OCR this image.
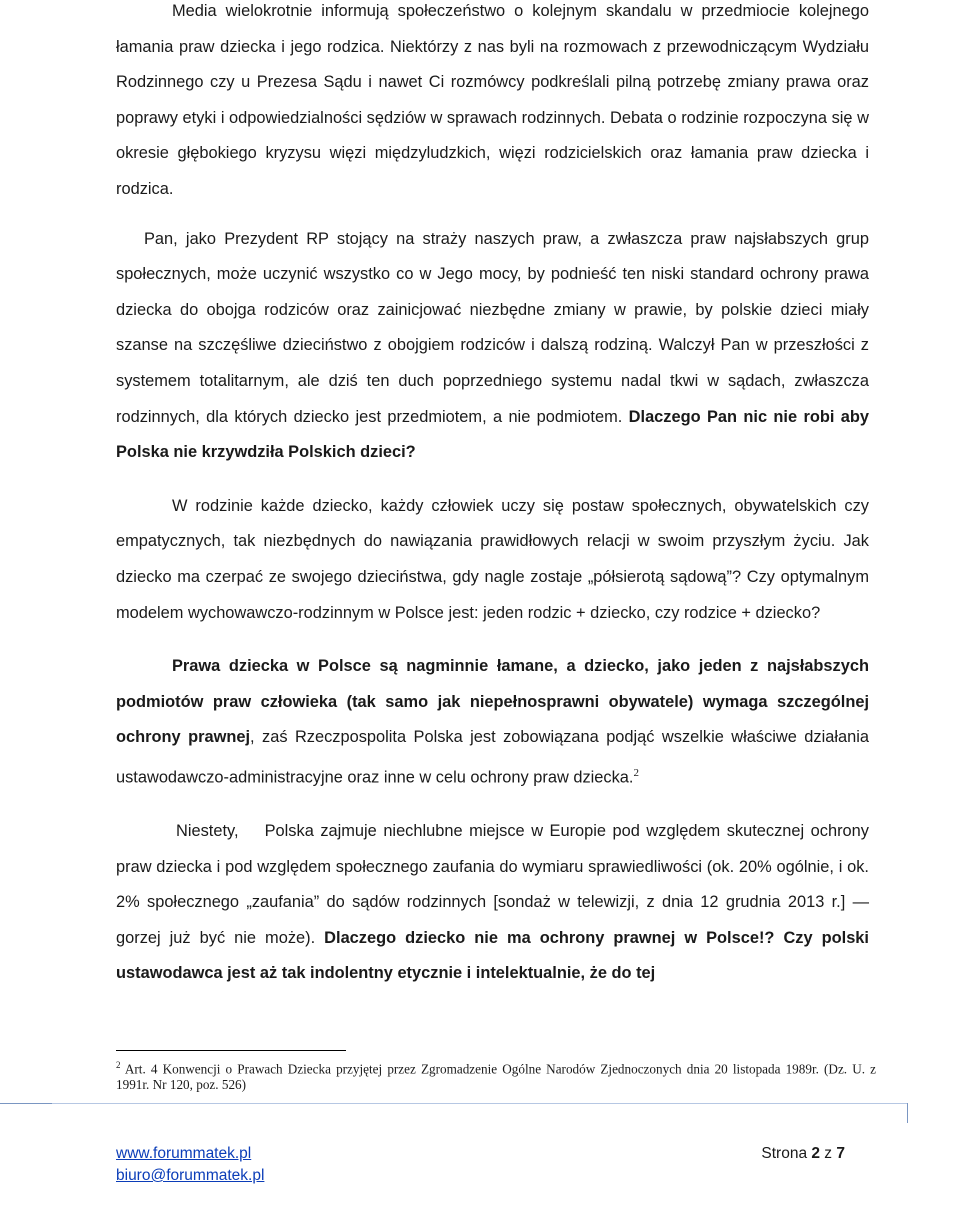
Media wielokrotnie informują społeczeństwo o kolejnym skandalu w przedmiocie kolejnego łamania praw dziecka i jego rodzica. Niektórzy z nas byli na rozmowach z przewodniczącym Wydziału Rodzinnego czy u Prezesa Sądu i nawet Ci rozmówcy podkreślali pilną potrzebę zmiany prawa oraz poprawy etyki i odpowiedzialności sędziów w sprawach rodzinnych. Debata o rodzinie rozpoczyna się w okresie głębokiego kryzysu więzi międzyludzkich, więzi rodzicielskich oraz łamania praw dziecka i rodzica.

Pan, jako Prezydent RP stojący na straży naszych praw, a zwłaszcza praw najsłabszych grup społecznych, może uczynić wszystko co w Jego mocy, by podnieść ten niski standard ochrony prawa dziecka do obojga rodziców oraz zainicjować niezbędne zmiany w prawie, by polskie dzieci miały szanse na szczęśliwe dzieciństwo z obojgiem rodziców i dalszą rodziną. Walczył Pan w przeszłości z systemem totalitarnym, ale dziś ten duch poprzedniego systemu nadal tkwi w sądach, zwłaszcza rodzinnych, dla których dziecko jest przedmiotem, a nie podmiotem. Dlaczego Pan nic nie robi aby Polska nie krzywdziła Polskich dzieci?

W rodzinie każde dziecko, każdy człowiek uczy się postaw społecznych, obywatelskich czy empatycznych, tak niezbędnych do nawiązania prawidłowych relacji w swoim przyszłym życiu. Jak dziecko ma czerpać ze swojego dzieciństwa, gdy nagle zostaje „półsierotą sądową”? Czy optymalnym modelem wychowawczo-rodzinnym w Polsce jest: jeden rodzic + dziecko, czy rodzice + dziecko?

Prawa dziecka w Polsce są nagminnie łamane, a dziecko, jako jeden z najsłabszych podmiotów praw człowieka (tak samo jak niepełnosprawni obywatele) wymaga szczególnej ochrony prawnej, zaś Rzeczpospolita Polska jest zobowiązana podjąć wszelkie właściwe działania ustawodawczo-administracyjne oraz inne w celu ochrony praw dziecka.$^2$

Niestety,    Polska zajmuje niechlubne miejsce w Europie pod względem skutecznej ochrony praw dziecka i pod względem społecznego zaufania do wymiaru sprawiedliwości (ok. 20% ogólnie, i ok. 2% społecznego „zaufania” do sądów rodzinnych [sondaż w telewizji, z dnia 12 grudnia 2013 r.] ― gorzej już być nie może). Dlaczego dziecko nie ma ochrony prawnej w Polsce!? Czy polski ustawodawca jest aż tak indolentny etycznie i intelektualnie, że do tej

$^2$ Art. 4 Konwencji o Prawach Dziecka przyjętej przez Zgromadzenie Ogólne Narodów Zjednoczonych dnia 20 listopada 1989r. (Dz. U. z 1991r. Nr 120, poz. 526)

www.forummatek.pl
biuro@forummatek.pl
Strona 2 z 7
